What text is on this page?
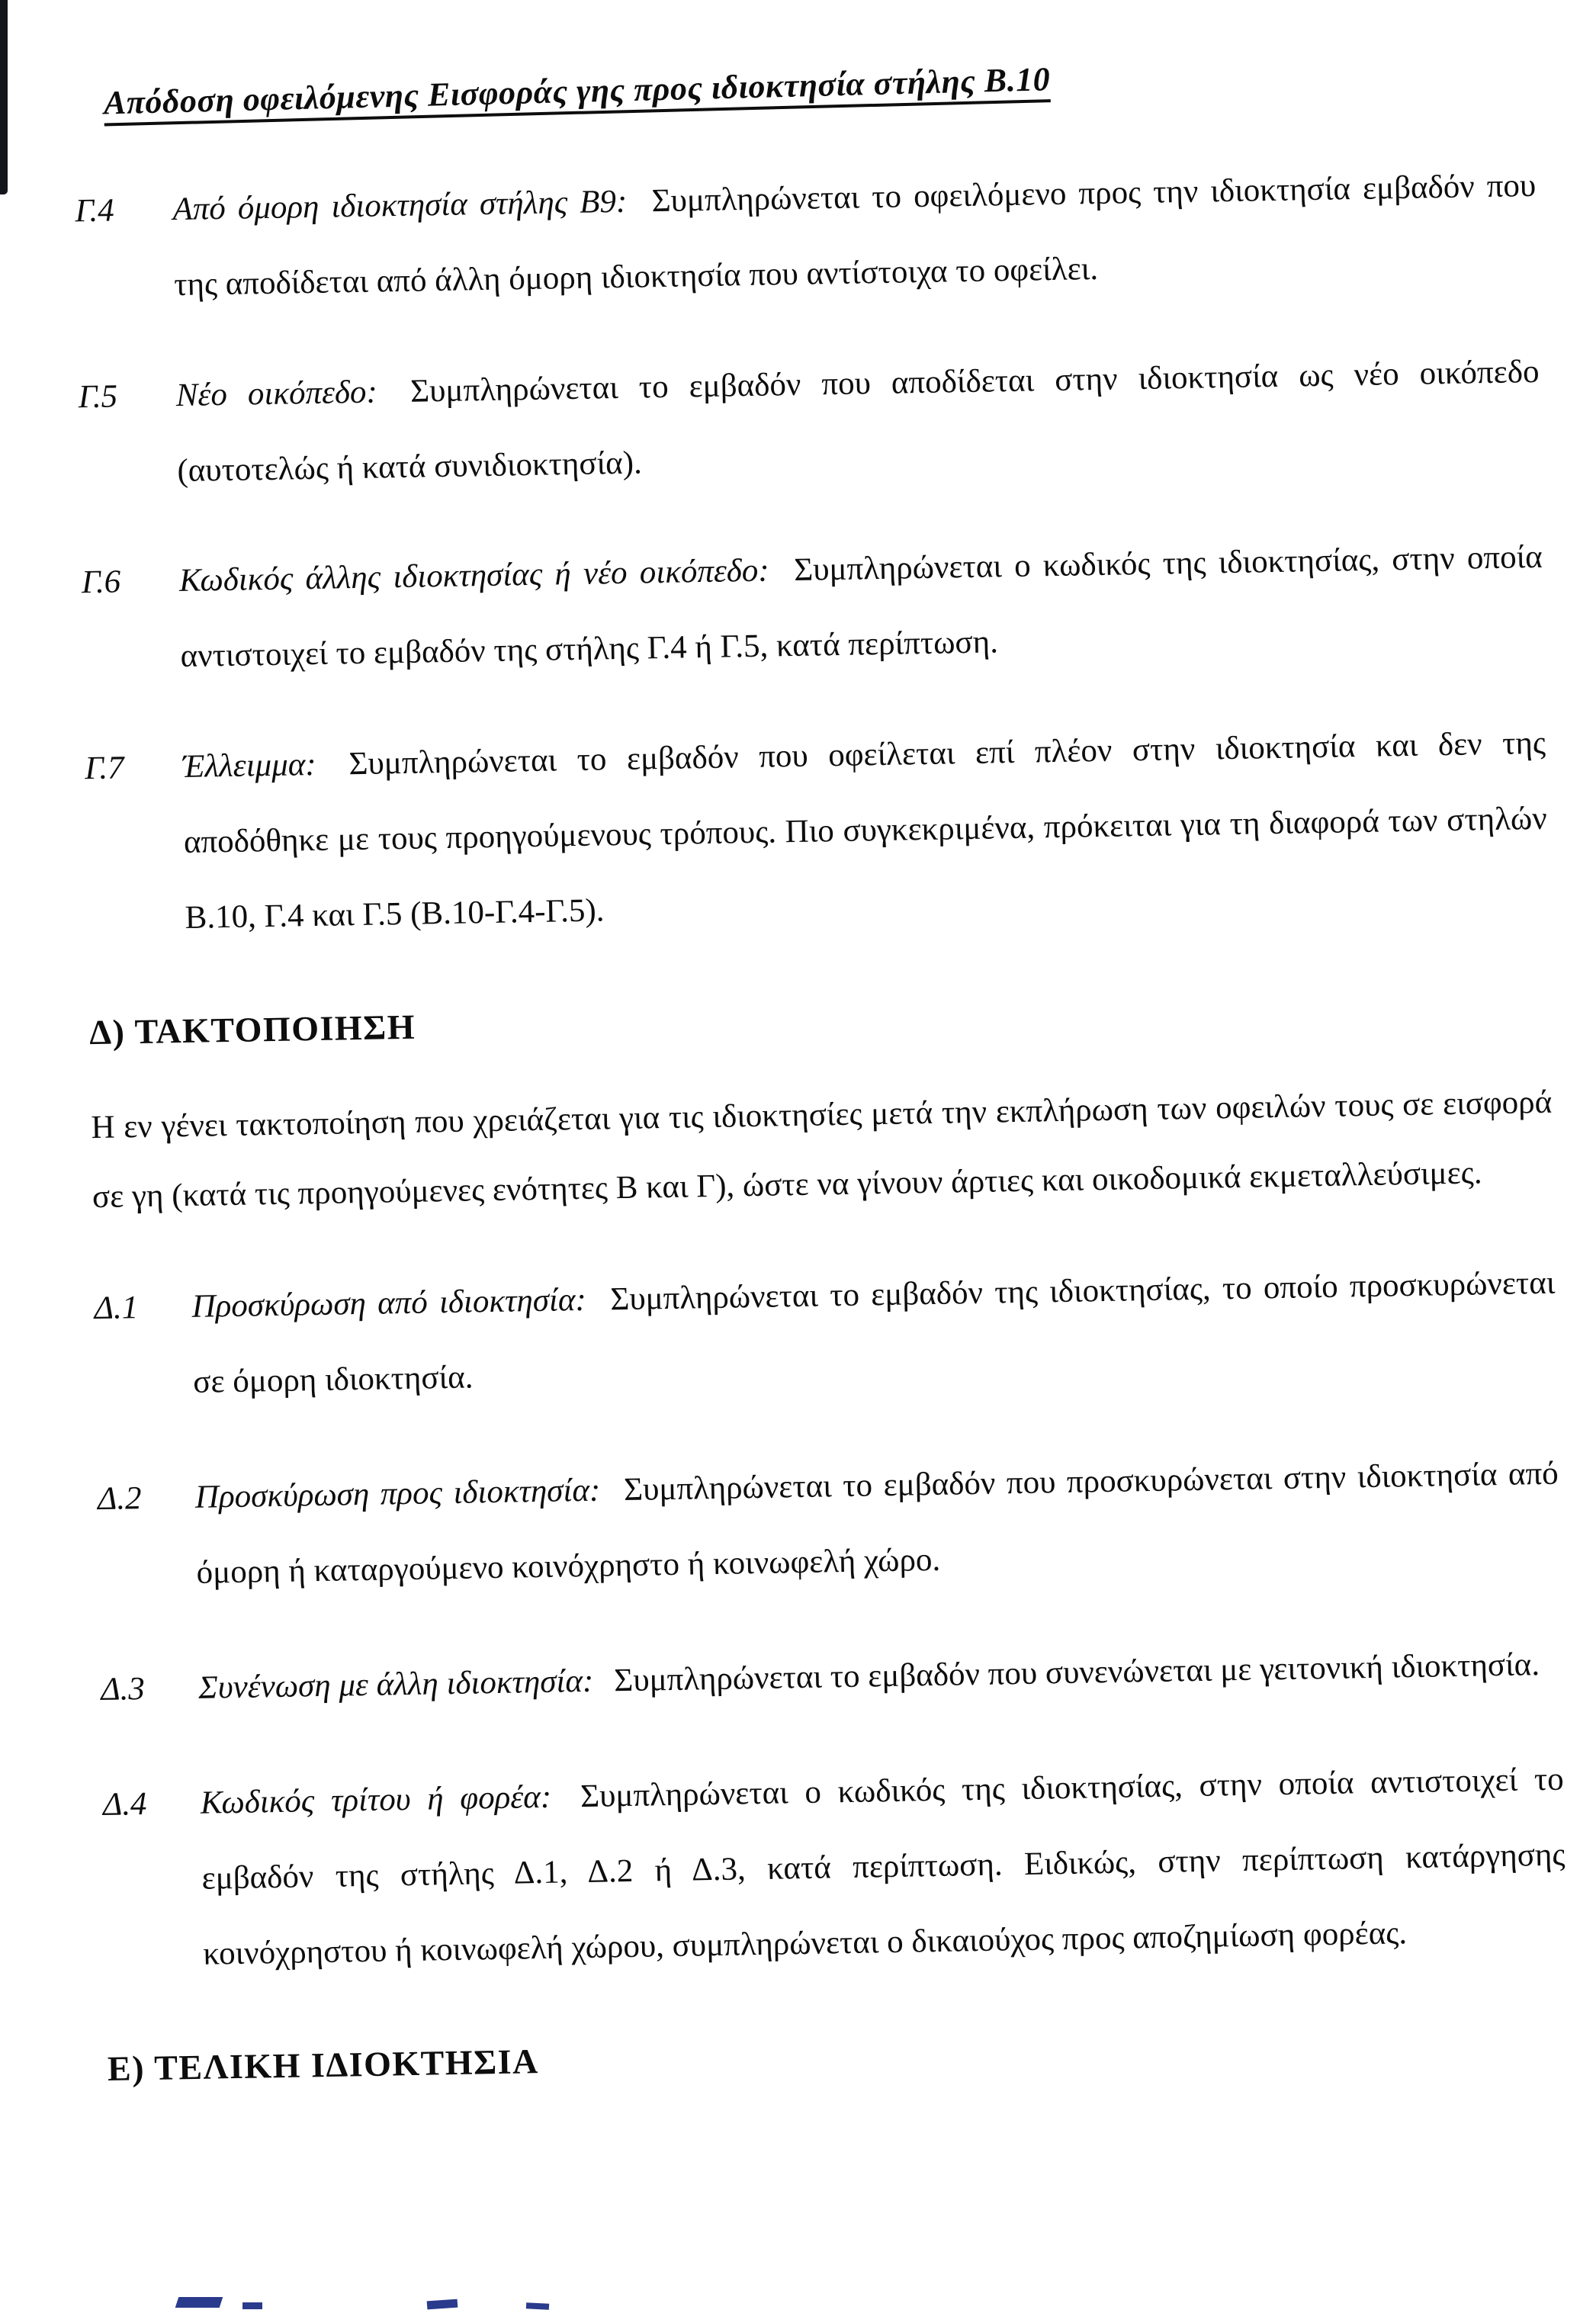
Απόδοση οφειλόμενης Εισφοράς γης προς ιδιοκτησία στήλης Β.10
Γ.4	Από όμορη ιδιοκτησία στήλης Β9: Συμπληρώνεται το οφειλόμενο προς την ιδιοκτησία εμβαδόν που της αποδίδεται από άλλη όμορη ιδιοκτησία που αντίστοιχα το οφείλει.

Γ.5	Νέο οικόπεδο: Συμπληρώνεται το εμβαδόν που αποδίδεται στην ιδιοκτησία ως νέο οικόπεδο (αυτοτελώς ή κατά συνιδιοκτησία).

Γ.6	Κωδικός άλλης ιδιοκτησίας ή νέο οικόπεδο: Συμπληρώνεται ο κωδικός της ιδιοκτησίας, στην οποία αντιστοιχεί το εμβαδόν της στήλης Γ.4 ή Γ.5, κατά περίπτωση.

Γ.7	Έλλειμμα: Συμπληρώνεται το εμβαδόν που οφείλεται επί πλέον στην ιδιοκτησία και δεν της αποδόθηκε με τους προηγούμενους τρόπους. Πιο συγκεκριμένα, πρόκειται για τη διαφορά των στηλών Β.10, Γ.4 και Γ.5 (Β.10-Γ.4-Γ.5).

Δ) ΤΑΚΤΟΠΟΙΗΣΗ

Η εν γένει τακτοποίηση που χρειάζεται για τις ιδιοκτησίες μετά την εκπλήρωση των οφειλών τους σε εισφορά σε γη (κατά τις προηγούμενες ενότητες Β και Γ), ώστε να γίνουν άρτιες και οικοδομικά εκμεταλλεύσιμες.

Δ.1	Προσκύρωση από ιδιοκτησία: Συμπληρώνεται το εμβαδόν της ιδιοκτησίας, το οποίο προσκυρώνεται σε όμορη ιδιοκτησία.

Δ.2	Προσκύρωση προς ιδιοκτησία: Συμπληρώνεται το εμβαδόν που προσκυρώνεται στην ιδιοκτησία από όμορη ή καταργούμενο κοινόχρηστο ή κοινωφελή χώρο.

Δ.3	Συνένωση με άλλη ιδιοκτησία: Συμπληρώνεται το εμβαδόν που συνενώνεται με γειτονική ιδιοκτησία.

Δ.4	Κωδικός τρίτου ή φορέα: Συμπληρώνεται ο κωδικός της ιδιοκτησίας, στην οποία αντιστοιχεί το εμβαδόν της στήλης Δ.1, Δ.2 ή Δ.3, κατά περίπτωση. Ειδικώς, στην περίπτωση κατάργησης κοινόχρηστου ή κοινωφελή χώρου, συμπληρώνεται ο δικαιούχος προς αποζημίωση φορέας.

Ε) ΤΕΛΙΚΗ ΙΔΙΟΚΤΗΣΙΑ
